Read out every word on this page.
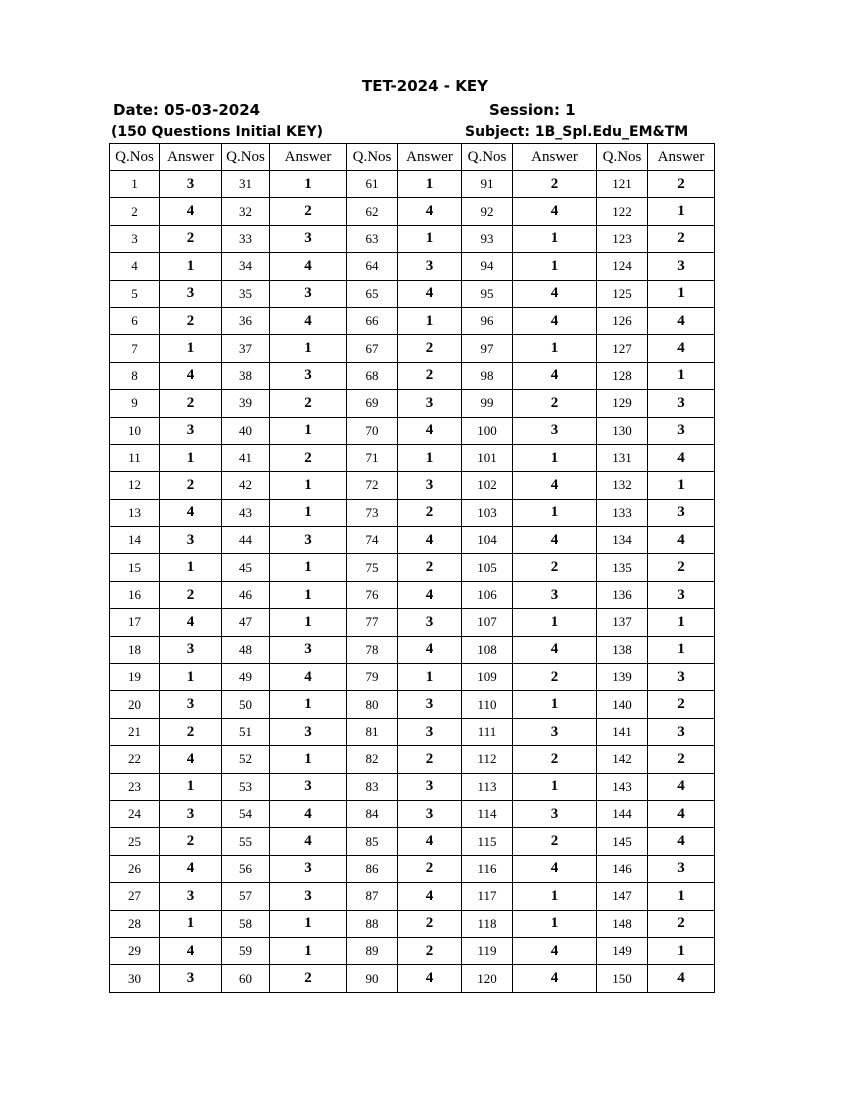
TET-2024 - KEY
Date: 05-03-2024	Session: 1
(150 Questions Initial KEY)	Subject: 1B_Spl.Edu_EM&TM
Q.Nos	Answer	Q.Nos	Answer	Q.Nos	Answer	Q.Nos	Answer	Q.Nos	Answer
1	3	31	1	61	1	91	2	121	2
2	4	32	2	62	4	92	4	122	1
3	2	33	3	63	1	93	1	123	2
4	1	34	4	64	3	94	1	124	3
5	3	35	3	65	4	95	4	125	1
6	2	36	4	66	1	96	4	126	4
7	1	37	1	67	2	97	1	127	4
8	4	38	3	68	2	98	4	128	1
9	2	39	2	69	3	99	2	129	3
10	3	40	1	70	4	100	3	130	3
11	1	41	2	71	1	101	1	131	4
12	2	42	1	72	3	102	4	132	1
13	4	43	1	73	2	103	1	133	3
14	3	44	3	74	4	104	4	134	4
15	1	45	1	75	2	105	2	135	2
16	2	46	1	76	4	106	3	136	3
17	4	47	1	77	3	107	1	137	1
18	3	48	3	78	4	108	4	138	1
19	1	49	4	79	1	109	2	139	3
20	3	50	1	80	3	110	1	140	2
21	2	51	3	81	3	111	3	141	3
22	4	52	1	82	2	112	2	142	2
23	1	53	3	83	3	113	1	143	4
24	3	54	4	84	3	114	3	144	4
25	2	55	4	85	4	115	2	145	4
26	4	56	3	86	2	116	4	146	3
27	3	57	3	87	4	117	1	147	1
28	1	58	1	88	2	118	1	148	2
29	4	59	1	89	2	119	4	149	1
30	3	60	2	90	4	120	4	150	4
